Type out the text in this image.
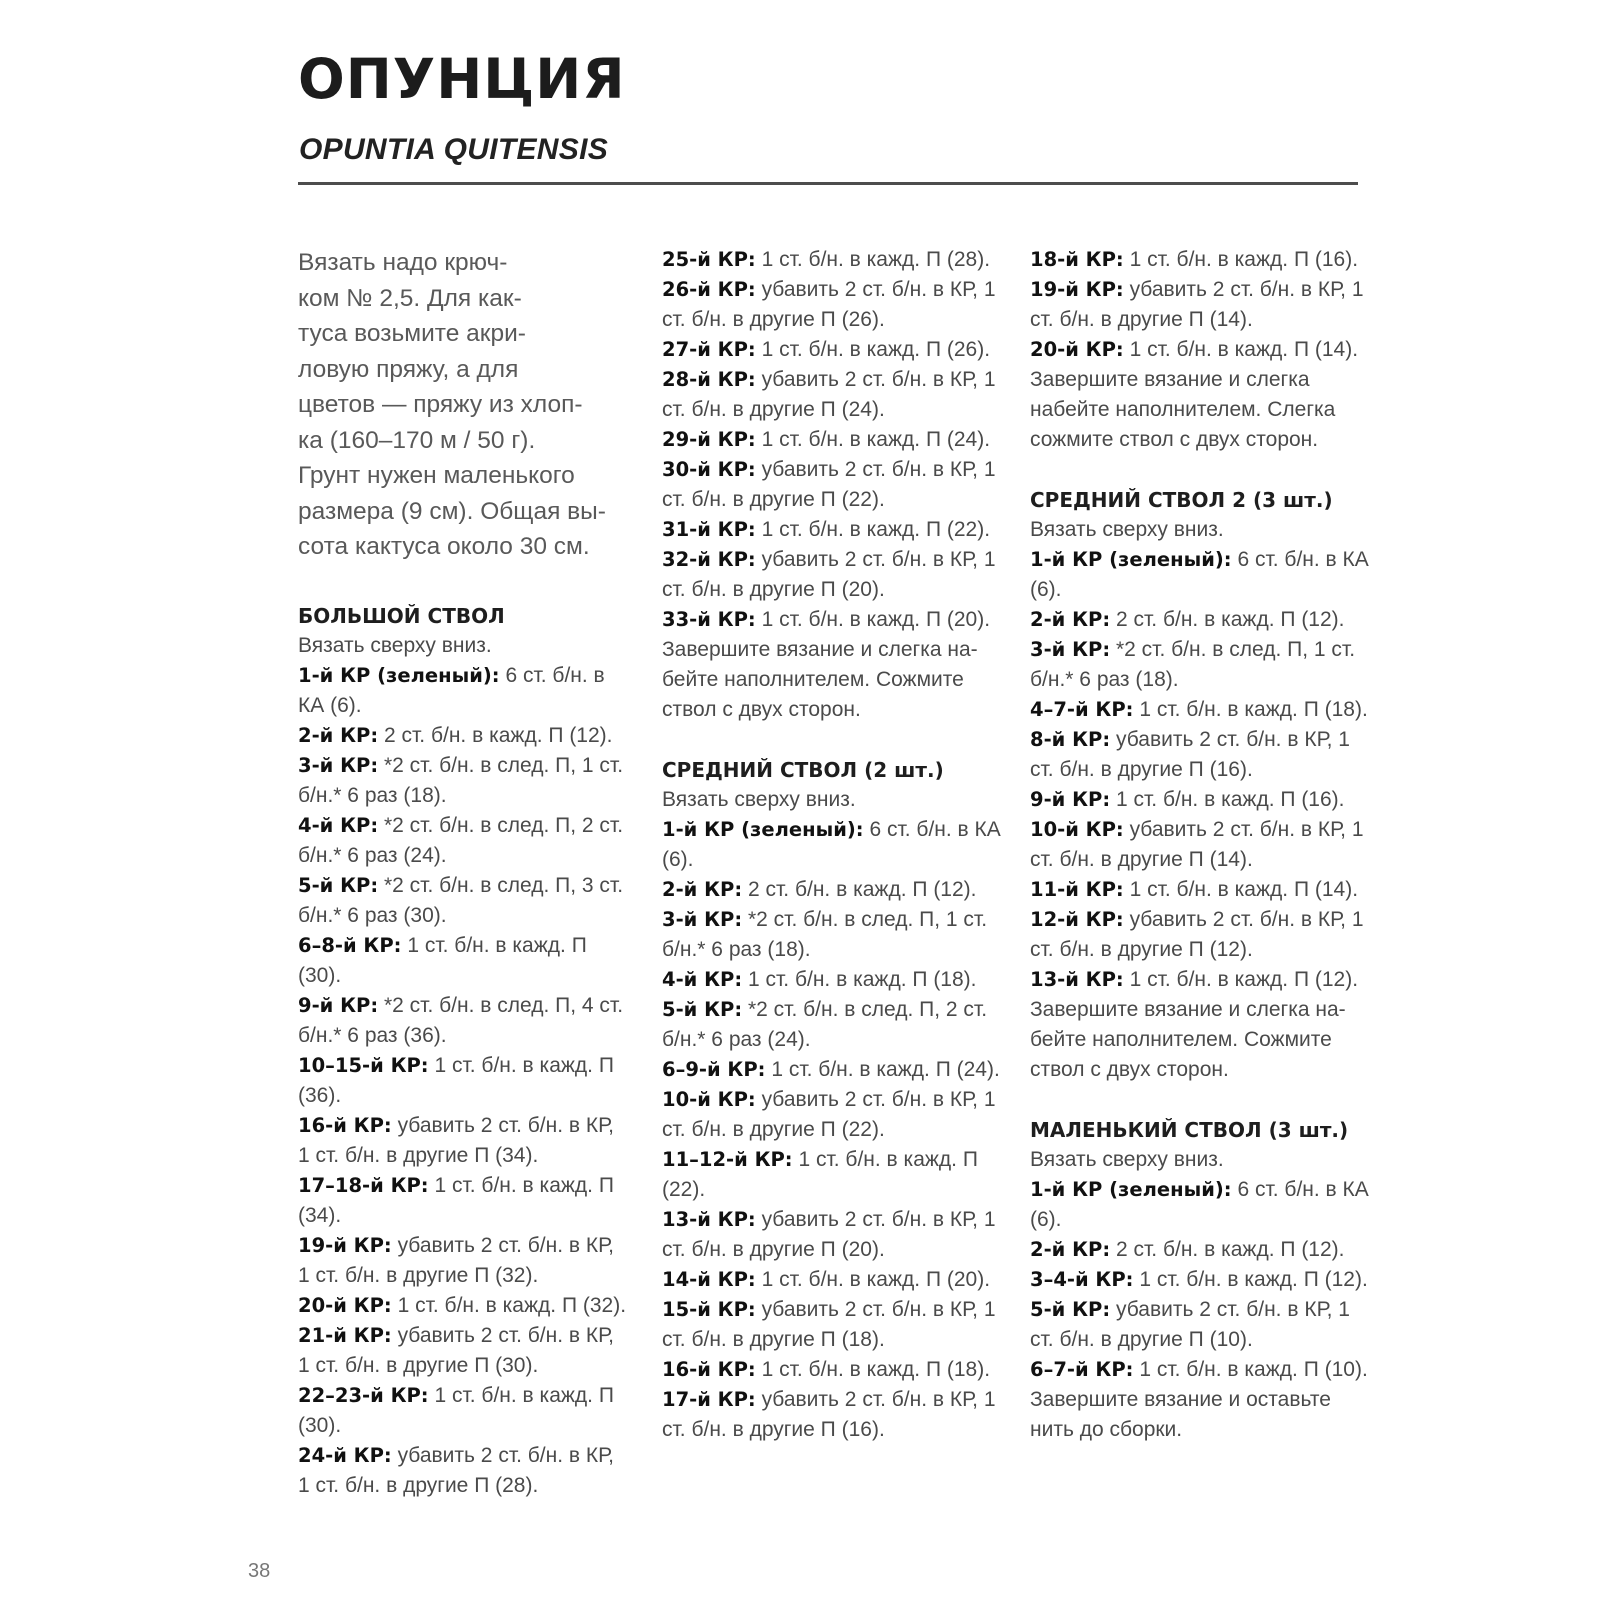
ОПУНЦИЯ
OPUNTIA QUITENSIS
Вязать надо крюч-
ком № 2,5. Для как-
туса возьмите акри-
ловую пряжу, а для
цветов — пряжу из хлоп-
ка (160–170 м / 50 г).
Грунт нужен маленького
размера (9 см). Общая вы-
сота кактуса около 30 см.
БОЛЬШОЙ СТВОЛ
Вязать сверху вниз.
1-й КР (зеленый): 6 ст. б/н. в КА (6).
2-й КР: 2 ст. б/н. в кажд. П (12).
3-й КР: *2 ст. б/н. в след. П, 1 ст. б/н.* 6 раз (18).
4-й КР: *2 ст. б/н. в след. П, 2 ст. б/н.* 6 раз (24).
5-й КР: *2 ст. б/н. в след. П, 3 ст. б/н.* 6 раз (30).
6–8-й КР: 1 ст. б/н. в кажд. П (30).
9-й КР: *2 ст. б/н. в след. П, 4 ст. б/н.* 6 раз (36).
10–15-й КР: 1 ст. б/н. в кажд. П (36).
16-й КР: убавить 2 ст. б/н. в КР, 1 ст. б/н. в другие П (34).
17–18-й КР: 1 ст. б/н. в кажд. П (34).
19-й КР: убавить 2 ст. б/н. в КР, 1 ст. б/н. в другие П (32).
20-й КР: 1 ст. б/н. в кажд. П (32).
21-й КР: убавить 2 ст. б/н. в КР, 1 ст. б/н. в другие П (30).
22–23-й КР: 1 ст. б/н. в кажд. П (30).
24-й КР: убавить 2 ст. б/н. в КР, 1 ст. б/н. в другие П (28).
25-й КР: 1 ст. б/н. в кажд. П (28).
26-й КР: убавить 2 ст. б/н. в КР, 1 ст. б/н. в другие П (26).
27-й КР: 1 ст. б/н. в кажд. П (26).
28-й КР: убавить 2 ст. б/н. в КР, 1 ст. б/н. в другие П (24).
29-й КР: 1 ст. б/н. в кажд. П (24).
30-й КР: убавить 2 ст. б/н. в КР, 1 ст. б/н. в другие П (22).
31-й КР: 1 ст. б/н. в кажд. П (22).
32-й КР: убавить 2 ст. б/н. в КР, 1 ст. б/н. в другие П (20).
33-й КР: 1 ст. б/н. в кажд. П (20).
Завершите вязание и слегка на-бейте наполнителем. Сожмите ствол с двух сторон.
СРЕДНИЙ СТВОЛ (2 шт.)
Вязать сверху вниз.
1-й КР (зеленый): 6 ст. б/н. в КА (6).
2-й КР: 2 ст. б/н. в кажд. П (12).
3-й КР: *2 ст. б/н. в след. П, 1 ст. б/н.* 6 раз (18).
4-й КР: 1 ст. б/н. в кажд. П (18).
5-й КР: *2 ст. б/н. в след. П, 2 ст. б/н.* 6 раз (24).
6–9-й КР: 1 ст. б/н. в кажд. П (24).
10-й КР: убавить 2 ст. б/н. в КР, 1 ст. б/н. в другие П (22).
11–12-й КР: 1 ст. б/н. в кажд. П (22).
13-й КР: убавить 2 ст. б/н. в КР, 1 ст. б/н. в другие П (20).
14-й КР: 1 ст. б/н. в кажд. П (20).
15-й КР: убавить 2 ст. б/н. в КР, 1 ст. б/н. в другие П (18).
16-й КР: 1 ст. б/н. в кажд. П (18).
17-й КР: убавить 2 ст. б/н. в КР, 1 ст. б/н. в другие П (16).
18-й КР: 1 ст. б/н. в кажд. П (16).
19-й КР: убавить 2 ст. б/н. в КР, 1 ст. б/н. в другие П (14).
20-й КР: 1 ст. б/н. в кажд. П (14).
Завершите вязание и слегка набейте наполнителем. Слегка сожмите ствол с двух сторон.
СРЕДНИЙ СТВОЛ 2 (3 шт.)
Вязать сверху вниз.
1-й КР (зеленый): 6 ст. б/н. в КА (6).
2-й КР: 2 ст. б/н. в кажд. П (12).
3-й КР: *2 ст. б/н. в след. П, 1 ст. б/н.* 6 раз (18).
4–7-й КР: 1 ст. б/н. в кажд. П (18).
8-й КР: убавить 2 ст. б/н. в КР, 1 ст. б/н. в другие П (16).
9-й КР: 1 ст. б/н. в кажд. П (16).
10-й КР: убавить 2 ст. б/н. в КР, 1 ст. б/н. в другие П (14).
11-й КР: 1 ст. б/н. в кажд. П (14).
12-й КР: убавить 2 ст. б/н. в КР, 1 ст. б/н. в другие П (12).
13-й КР: 1 ст. б/н. в кажд. П (12).
Завершите вязание и слегка на-бейте наполнителем. Сожмите ствол с двух сторон.
МАЛЕНЬКИЙ СТВОЛ (3 шт.)
Вязать сверху вниз.
1-й КР (зеленый): 6 ст. б/н. в КА (6).
2-й КР: 2 ст. б/н. в кажд. П (12).
3–4-й КР: 1 ст. б/н. в кажд. П (12).
5-й КР: убавить 2 ст. б/н. в КР, 1 ст. б/н. в другие П (10).
6–7-й КР: 1 ст. б/н. в кажд. П (10).
Завершите вязание и оставьте нить до сборки.
38
